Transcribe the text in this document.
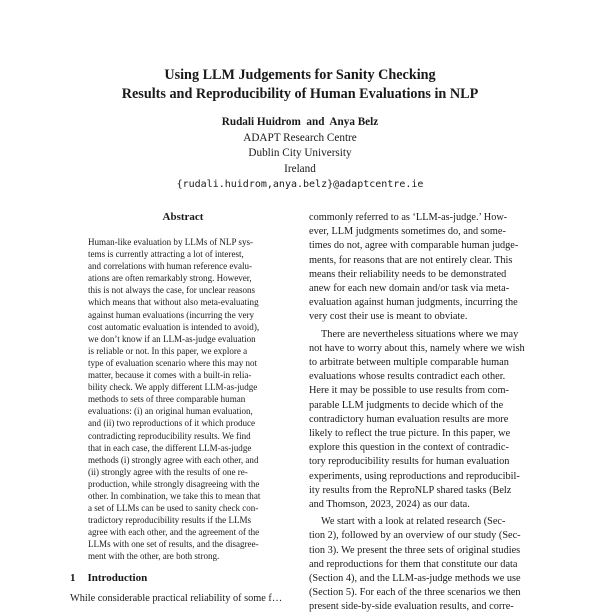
Using LLM Judgements for Sanity Checking
Results and Reproducibility of Human Evaluations in NLP
Rudali Huidrom  and  Anya Belz
ADAPT Research Centre
Dublin City University
Ireland
{rudali.huidrom,anya.belz}@adaptcentre.ie
Abstract
Human-like evaluation by LLMs of NLP sys-
tems is currently attracting a lot of interest,
and correlations with human reference evalu-
ations are often remarkably strong. However,
this is not always the case, for unclear reasons
which means that without also meta-evaluating
against human evaluations (incurring the very
cost automatic evaluation is intended to avoid),
we don’t know if an LLM-as-judge evaluation
is reliable or not. In this paper, we explore a
type of evaluation scenario where this may not
matter, because it comes with a built-in relia-
bility check. We apply different LLM-as-judge
methods to sets of three comparable human
evaluations: (i) an original human evaluation,
and (ii) two reproductions of it which produce
contradicting reproducibility results. We find
that in each case, the different LLM-as-judge
methods (i) strongly agree with each other, and
(ii) strongly agree with the results of one re-
production, while strongly disagreeing with the
other. In combination, we take this to mean that
a set of LLMs can be used to sanity check con-
tradictory reproducibility results if the LLMs
agree with each other, and the agreement of the
LLMs with one set of results, and the disagree-
ment with the other, are both strong.
1 Introduction
While considerable practical reliability of some f…
commonly referred to as ‘LLM-as-judge.’ How-
ever, LLM judgments sometimes do, and some-
times do not, agree with comparable human judge-
ments, for reasons that are not entirely clear. This
means their reliability needs to be demonstrated
anew for each new domain and/or task via meta-
evaluation against human judgments, incurring the
very cost their use is meant to obviate.
There are nevertheless situations where we may
not have to worry about this, namely where we wish
to arbitrate between multiple comparable human
evaluations whose results contradict each other.
Here it may be possible to use results from com-
parable LLM judgments to decide which of the
contradictory human evaluation results are more
likely to reflect the true picture. In this paper, we
explore this question in the context of contradic-
tory reproducibility results for human evaluation
experiments, using reproductions and reproducibil-
ity results from the ReproNLP shared tasks (Belz
and Thomson, 2023, 2024) as our data.
We start with a look at related research (Sec-
tion 2), followed by an overview of our study (Sec-
tion 3). We present the three sets of original studies
and reproductions for them that constitute our data
(Section 4), and the LLM-as-judge methods we use
(Section 5). For each of the three scenarios we then
present side-by-side evaluation results, and corre-
